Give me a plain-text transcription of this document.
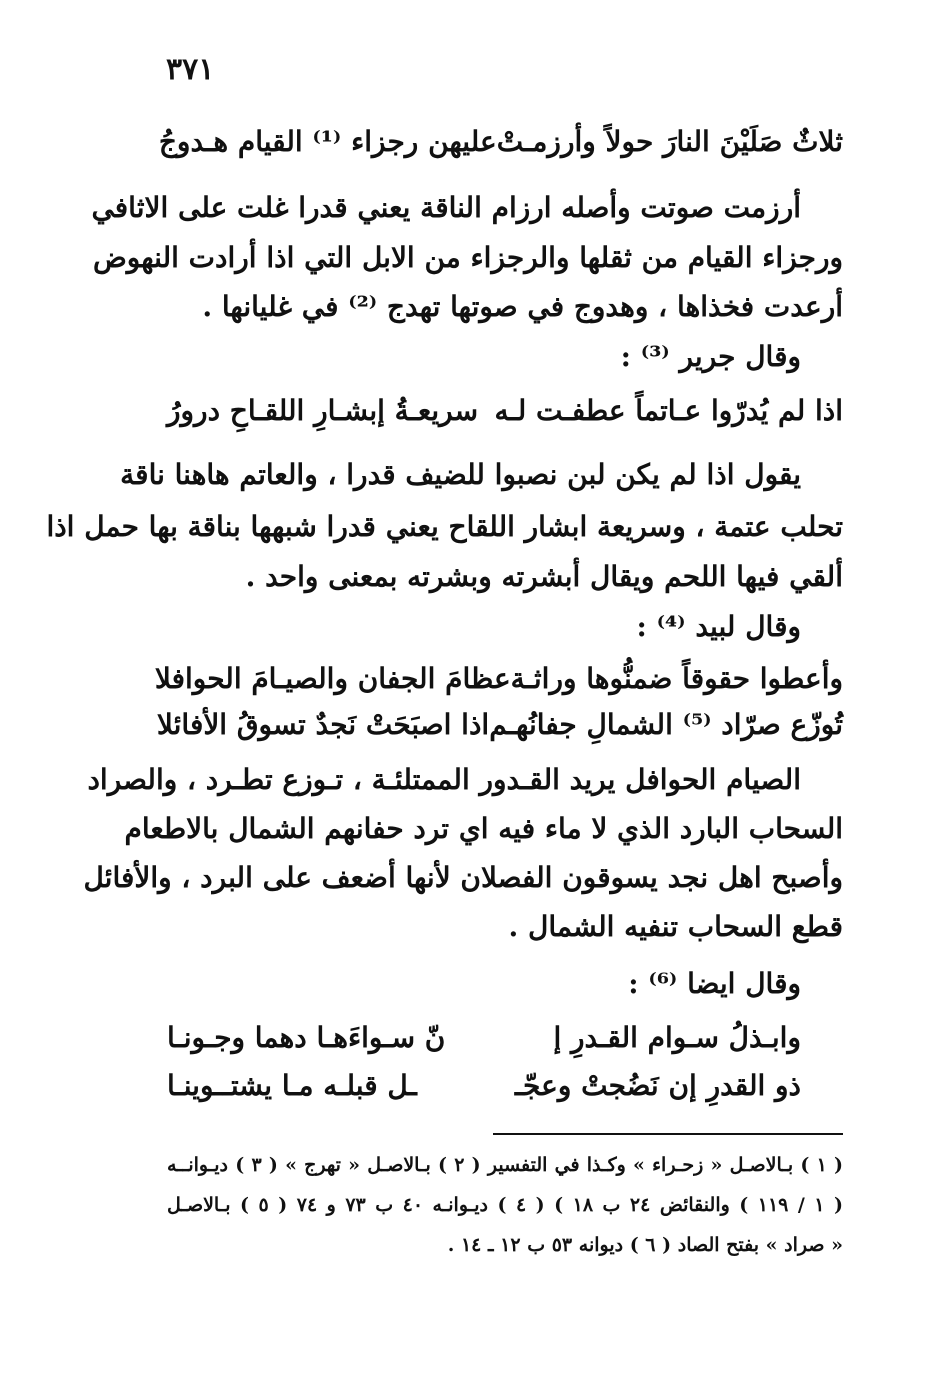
٣٧١
ثلاثٌ صَلَيْنَ النارَ حولاً وأرزمـتْ
عليهن رجزاء ⁽¹⁾ القيام هـدوجُ
أرزمت صوتت وأصله ارزام الناقة يعني قدرا غلت على الاثافي
ورجزاء القيام من ثقلها والرجزاء من الابل التي اذا أرادت النهوض
أرعدت فخذاها ، وهدوج في صوتها تهدج ⁽²⁾ في غليانها .
وقال جرير ⁽³⁾ :
اذا لم يُدرّوا عـاتماً عطفـت لـه
سريعـةُ إبشـارِ اللقـاحِ درورُ
يقول اذا لم يكن لبن نصبوا للضيف قدرا ، والعاتم هاهنا ناقة
تحلب عتمة ، وسريعة ابشار اللقاح يعني قدرا شبهها بناقة بها حمل اذا
ألقي فيها اللحم ويقال أبشرته وبشرته بمعنى واحد .
وقال لبيد ⁽⁴⁾ :
وأعطوا حقوقاً ضمنُّوها وراثـة
عظامَ الجفان والصيـامَ الحوافلا
تُوزّع صرّاد ⁽⁵⁾ الشمالِ جفانُهـم
اذا اصبَحَتْ نَجدٌ تسوقُ الأفائلا
الصيام الحوافل يريد القـدور الممتلئـة ، تـوزع تطـرد ، والصراد
السحاب البارد الذي لا ماء فيه اي ترد حفانهم الشمال بالاطعام
وأصبح اهل نجد يسوقون الفصلان لأنها أضعف على البرد ، والأفائل
قطع السحاب تنفيه الشمال .
وقال ايضا ⁽⁶⁾ :
وابـذلُ سـوام القـدرِ إ
نّ سـواءَهـا دهما وجـونـا
ذو القدرِ إن نَضُجتْ وعجّـ
ـل قبلـه مـا يشتــوينـا
( ١ ) بـالاصـل « زحـراء » وكـذا في التفسير ( ٢ ) بـالاصـل « تهرج » ( ٣ ) ديـوانــه
( ١ / ١١٩ ) والنقائض ٢٤ ب ١٨ ) ( ٤ ) ديـوانـه ٤٠ ب ٧٣ و ٧٤ ( ٥ ) بـالاصـل
« صراد » بفتح الصاد ( ٦ ) ديوانه ٥٣ ب ١٢ ـ ١٤ .
